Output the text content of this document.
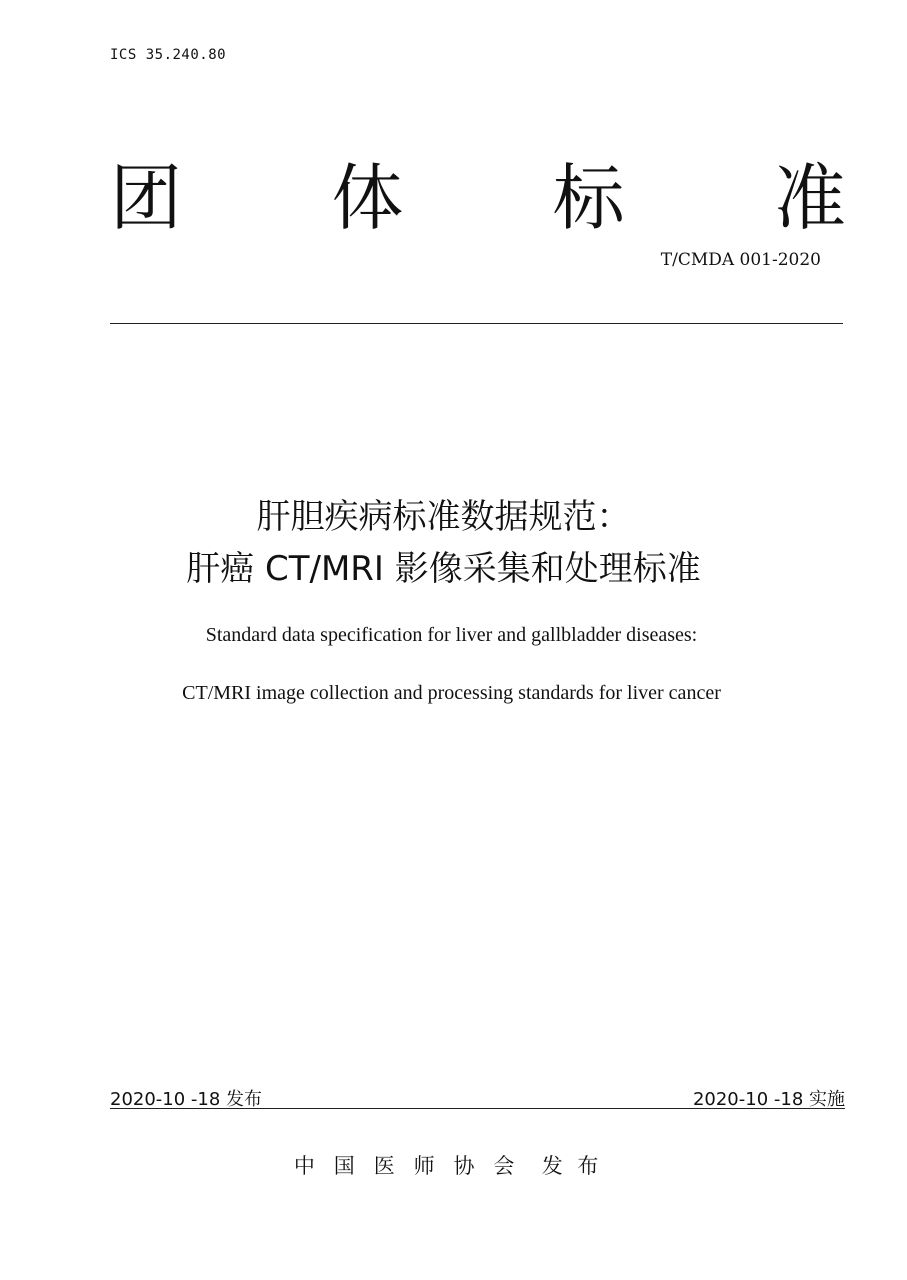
ICS 35.240.80
团 体 标 准
T/CMDA 001-2020
肝胆疾病标准数据规范：
肝癌 CT/MRI 影像采集和处理标准
Standard data specification for liver and gallbladder diseases:
CT/MRI image collection and processing standards for liver cancer
2020-10 -18 发布	2020-10 -18 实施
中国医师协会 发布
